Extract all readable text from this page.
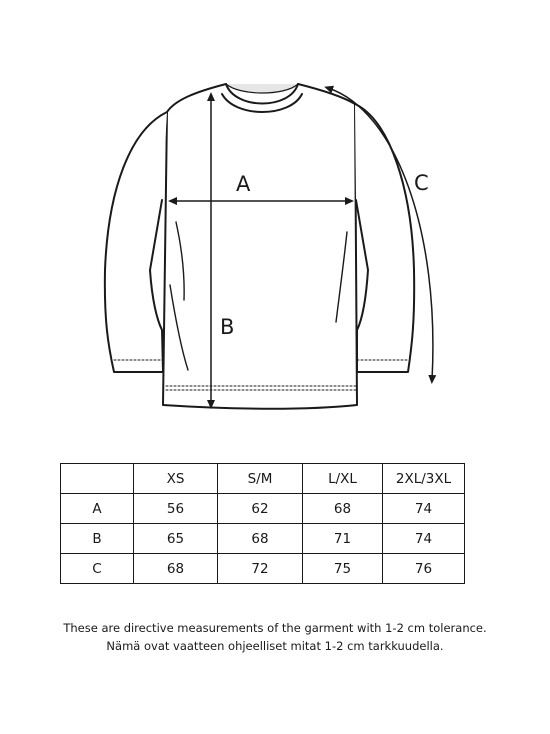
A
B
C
	XS	S/M	L/XL	2XL/3XL
A	56	62	68	74
B	65	68	71	74
C	68	72	75	76
These are directive measurements of the garment with 1-2 cm tolerance.
Nämä ovat vaatteen ohjeelliset mitat 1-2 cm tarkkuudella.
